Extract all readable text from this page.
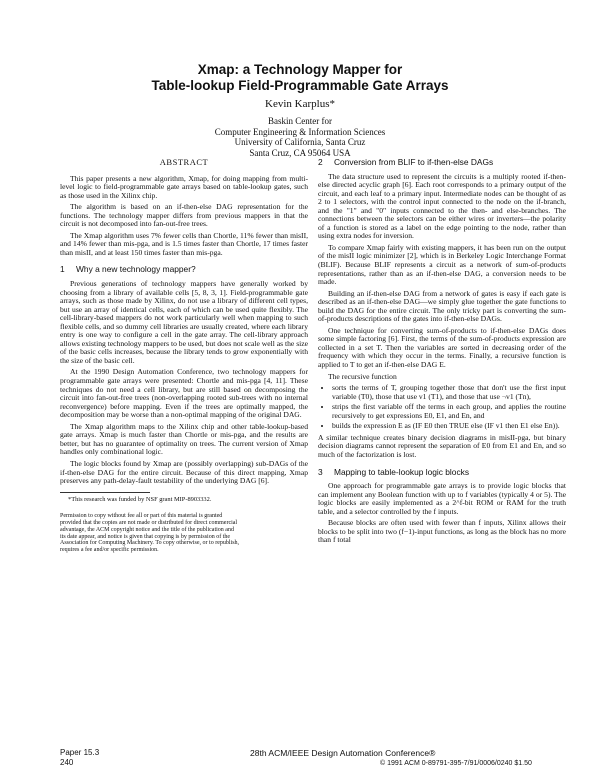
Xmap: a Technology Mapper for
Table-lookup Field-Programmable Gate Arrays
Kevin Karplus*
Baskin Center for
Computer Engineering & Information Sciences
University of California, Santa Cruz
Santa Cruz, CA 95064 USA
ABSTRACT

This paper presents a new algorithm, Xmap, for doing mapping from multi-level logic to field-programmable gate arrays based on table-lookup gates, such as those used in the Xilinx chip.

The algorithm is based on an if-then-else DAG representation for the functions. The technology mapper differs from previous mappers in that the circuit is not decomposed into fan-out-free trees.

The Xmap algorithm uses 7% fewer cells than Chortle, 11% fewer than misII, and 14% fewer than mis-pga, and is 1.5 times faster than Chortle, 17 times faster than misII, and at least 150 times faster than mis-pga.

1 Why a new technology mapper?

Previous generations of technology mappers have generally worked by choosing from a library of available cells [5, 8, 3, 1]. Field-programmable gate arrays, such as those made by Xilinx, do not use a library of different cell types, but use an array of identical cells, each of which can be used quite flexibly. The cell-library-based mappers do not work particularly well when mapping to such flexible cells, and so dummy cell libraries are usually created, where each library entry is one way to configure a cell in the gate array. The cell-library approach allows existing technology mappers to be used, but does not scale well as the size of the basic cells increases, because the library tends to grow exponentially with the size of the basic cell.

At the 1990 Design Automation Conference, two technology mappers for programmable gate arrays were presented: Chortle and mis-pga [4, 11]. These techniques do not need a cell library, but are still based on decomposing the circuit into fan-out-free trees (non-overlapping rooted sub-trees with no internal reconvergence) before mapping. Even if the trees are optimally mapped, the decomposition may be worse than a non-optimal mapping of the original DAG.

The Xmap algorithm maps to the Xilinx chip and other table-lookup-based gate arrays. Xmap is much faster than Chortle or mis-pga, and the results are better, but has no guarantee of optimality on trees. The current version of Xmap handles only combinational logic.

The logic blocks found by Xmap are (possibly overlapping) sub-DAGs of the if-then-else DAG for the entire circuit. Because of this direct mapping, Xmap preserves any path-delay-fault testability of the underlying DAG [6].

*This research was funded by NSF grant MIP-8903332.

Permission to copy without fee all or part of this material is granted

provided that the copies are not made or distributed for direct commercial

advantage, the ACM copyright notice and the title of the publication and

its date appear, and notice is given that copying is by permission of the

Association for Computing Machinery. To copy otherwise, or to republish,

requires a fee and/or specific permission.

2 Conversion from BLIF to if-then-else DAGs

The data structure used to represent the circuits is a multiply rooted if-then-else directed acyclic graph [6]. Each root corresponds to a primary output of the circuit, and each leaf to a primary input. Intermediate nodes can be thought of as 2 to 1 selectors, with the control input connected to the node on the if-branch, and the "1" and "0" inputs connected to the then- and else-branches. The connections between the selectors can be either wires or inverters—the polarity of a function is stored as a label on the edge pointing to the node, rather than using extra nodes for inversion.

To compare Xmap fairly with existing mappers, it has been run on the output of the misII logic minimizer [2], which is in Berkeley Logic Interchange Format (BLIF). Because BLIF represents a circuit as a network of sum-of-products representations, rather than as an if-then-else DAG, a conversion needs to be made.

Building an if-then-else DAG from a network of gates is easy if each gate is described as an if-then-else DAG—we simply glue together the gate functions to build the DAG for the entire circuit. The only tricky part is converting the sum-of-products descriptions of the gates into if-then-else DAGs.

One technique for converting sum-of-products to if-then-else DAGs does some simple factoring [6]. First, the terms of the sum-of-products expression are collected in a set T. Then the variables are sorted in decreasing order of the frequency with which they occur in the terms. Finally, a recursive function is applied to T to get an if-then-else DAG E.

The recursive function

• sorts the terms of T, grouping together those that don't use the first input variable (T0), those that use v1 (T1), and those that use ¬v1 (Tn),
• strips the first variable off the terms in each group, and applies the routine recursively to get expressions E0, E1, and En, and
• builds the expression E as (IF E0 then TRUE else (IF v1 then E1 else En)).

A similar technique creates binary decision diagrams in misII-pga, but binary decision diagrams cannot represent the separation of E0 from E1 and En, and so much of the factorization is lost.

3 Mapping to table-lookup logic blocks

One approach for programmable gate arrays is to provide logic blocks that can implement any Boolean function with up to f variables (typically 4 or 5). The logic blocks are easily implemented as a 2^f-bit ROM or RAM for the truth table, and a selector controlled by the f inputs.

Because blocks are often used with fewer than f inputs, Xilinx allows their blocks to be split into two (f−1)-input functions, as long as the block has no more than f total

Paper 15.3
240
28th ACM/IEEE Design Automation Conference®
© 1991 ACM 0-89791-395-7/91/0006/0240 $1.50
